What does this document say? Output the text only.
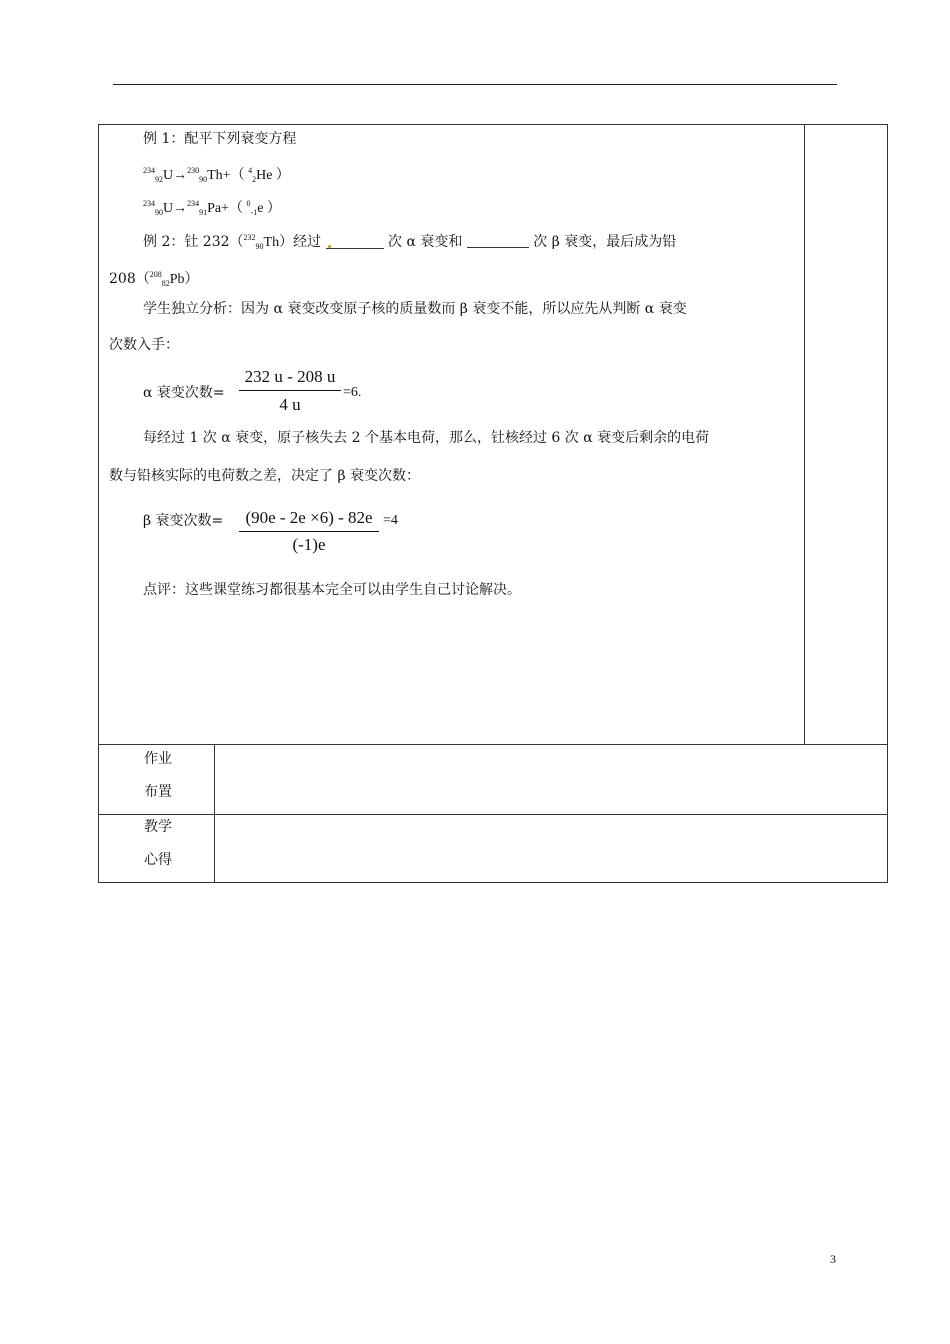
例 1：配平下列衰变方程
$^{234}_{92}$U→$^{230}_{90}$Th+（ $^4_2$He ）
$^{234}_{90}$U→$^{234}_{91}$Pa+（ $^0_{-1}$e ）
例 2：钍 232（$^{232}_{90}$Th）经过	次 α 衰变和	次 β 衰变，最后成为铅
208（$^{208}_{82}$Pb）
学生独立分析：因为 α 衰变改变原子核的质量数而 β 衰变不能，所以应先从判断 α 衰变
次数入手：
α 衰变次数=
232 u - 208 u
4 u
=6.
每经过 1 次 α 衰变，原子核失去 2 个基本电荷，那么，钍核经过 6 次 α 衰变后剩余的电荷
数与铅核实际的电荷数之差，决定了 β 衰变次数：
β 衰变次数=	(90e - 2e ×6) - 82e
(-1)e
=4
点评：这些课堂练习都很基本完全可以由学生自己讨论解决。
作业
布置
教学
心得
3
